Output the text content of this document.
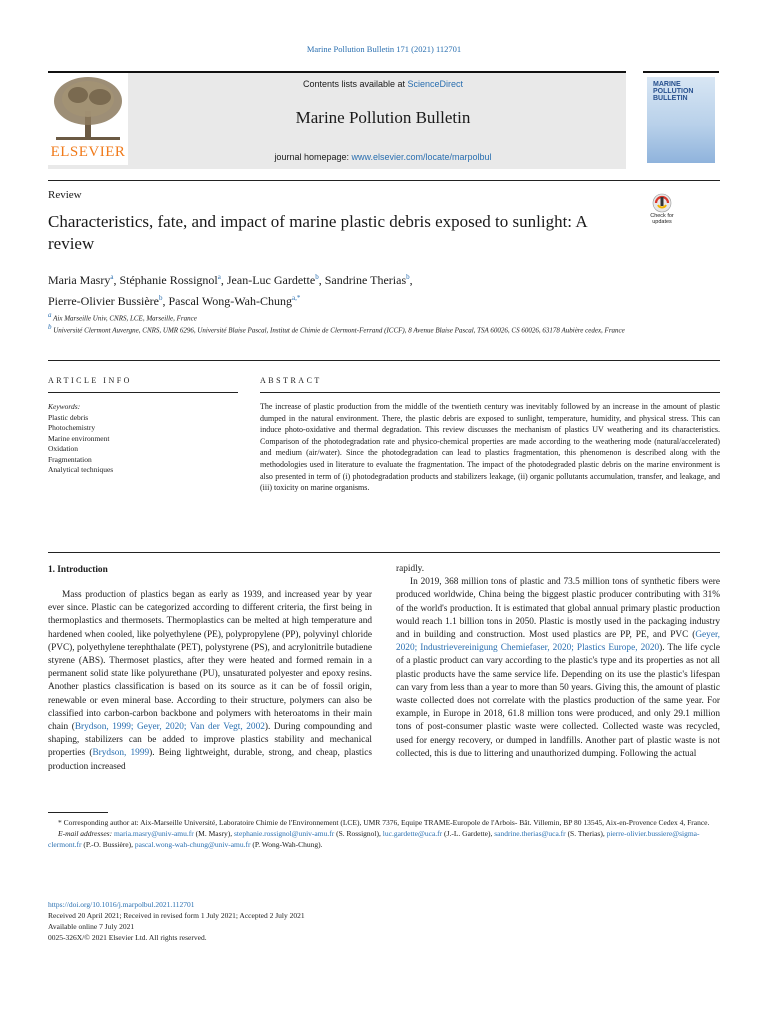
Marine Pollution Bulletin 171 (2021) 112701
ELSEVIER
Contents lists available at ScienceDirect
Marine Pollution Bulletin
journal homepage: www.elsevier.com/locate/marpolbul
MARINE
POLLUTION
BULLETIN
Review
Characteristics, fate, and impact of marine plastic debris exposed to sunlight: A review
Check for updates
Maria Masry$^a$, Stéphanie Rossignol$^a$, Jean-Luc Gardette$^b$, Sandrine Therias$^b$,
Pierre-Olivier Bussière$^b$, Pascal Wong-Wah-Chung$^{a,*}$
$^a$ Aix Marseille Univ, CNRS, LCE, Marseille, France
$^b$ Université Clermont Auvergne, CNRS, UMR 6296, Université Blaise Pascal, Institut de Chimie de Clermont-Ferrand (ICCF), 8 Avenue Blaise Pascal, TSA 60026, CS 60026, 63178 Aubière cedex, France
ARTICLE INFO
Keywords:
Plastic debris
Photochemistry
Marine environment
Oxidation
Fragmentation
Analytical techniques
ABSTRACT
The increase of plastic production from the middle of the twentieth century was inevitably followed by an increase in the amount of plastic dumped in the natural environment. There, the plastic debris are exposed to sunlight, temperature, humidity, and physical stress. This can induce photo-oxidative and thermal degradation. This review discusses the mechanism of plastics UV weathering and its characteristics. Comparison of the photodegradation rate and physico-chemical properties are made according to the weathering mode (natural/accelerated) and medium (air/water). Since the photodegradation can lead to plastics fragmentation, this phenomenon is described along with the methodologies used in literature to evaluate the fragmentation. The impact of the photodegraded plastic debris on the marine environment is also presented in term of (i) photodegradation products and stabilizers leakage, (ii) organic pollutants accumulation, transfer, and leakage, and (iii) toxicity on marine organisms.
1. Introduction

Mass production of plastics began as early as 1939, and increased year by year ever since. Plastic can be categorized according to different criteria, the first being in thermoplastics and thermosets. Thermoplastics can be melted at high temperature and hardened when cooled, like polyethylene (PE), polypropylene (PP), polyvinyl chloride (PVC), polyethylene terephthalate (PET), polystyrene (PS), and acrylonitrile butadiene styrene (ABS). Thermoset plastics, after they were heated and formed remain in a permanent solid state like polyurethane (PU), unsaturated polyester and epoxy resins. Another plastics classification is based on its source as it can be of fossil origin, renewable or even mineral base. According to their structure, polymers can also be classified into carbon-carbon backbone and polymers with heteroatoms in their main chain (Brydson, 1999; Geyer, 2020; Van der Vegt, 2002). During compounding and shaping, stabilizers can be added to improve plastics stability and mechanical properties (Brydson, 1999). Being lightweight, durable, strong, and cheap, plastics production increased

rapidly.

In 2019, 368 million tons of plastic and 73.5 million tons of synthetic fibers were produced worldwide, China being the biggest plastic producer contributing with 31% of the world's production. It is estimated that global annual primary plastic production would reach 1.1 billion tons in 2050. Plastic is mostly used in the packaging industry and in building and construction. Most used plastics are PP, PE, and PVC (Geyer, 2020; Industrievereinigung Chemiefaser, 2020; Plastics Europe, 2020). The life cycle of a plastic product can vary according to the plastic's type and its properties as not all plastic products have the same service life. Depending on its use the plastic's lifespan can vary from less than a year to more than 50 years. Giving this, the amount of plastic waste collected does not correlate with the plastics production of the same year. For example, in Europe in 2018, 61.8 million tons were produced, and only 29.1 million tons of post-consumer plastic waste were collected. Collected waste was recycled, used for energy recovery, or dumped in landfills. Another part of plastic waste is not collected, this is due to littering and unauthorized dumping. Following the actual

* Corresponding author at: Aix-Marseille Université, Laboratoire Chimie de l'Environnement (LCE), UMR 7376, Equipe TRAME-Europole de l'Arbois- Bât. Villemin, BP 80 13545, Aix-en-Provence Cedex 4, France.
E-mail addresses: maria.masry@univ-amu.fr (M. Masry), stephanie.rossignol@univ-amu.fr (S. Rossignol), luc.gardette@uca.fr (J.-L. Gardette), sandrine.therias@uca.fr (S. Therias), pierre-olivier.bussiere@sigma-clermont.fr (P.-O. Bussière), pascal.wong-wah-chung@univ-amu.fr (P. Wong-Wah-Chung).
https://doi.org/10.1016/j.marpolbul.2021.112701
Received 20 April 2021; Received in revised form 1 July 2021; Accepted 2 July 2021
Available online 7 July 2021
0025-326X/© 2021 Elsevier Ltd. All rights reserved.
